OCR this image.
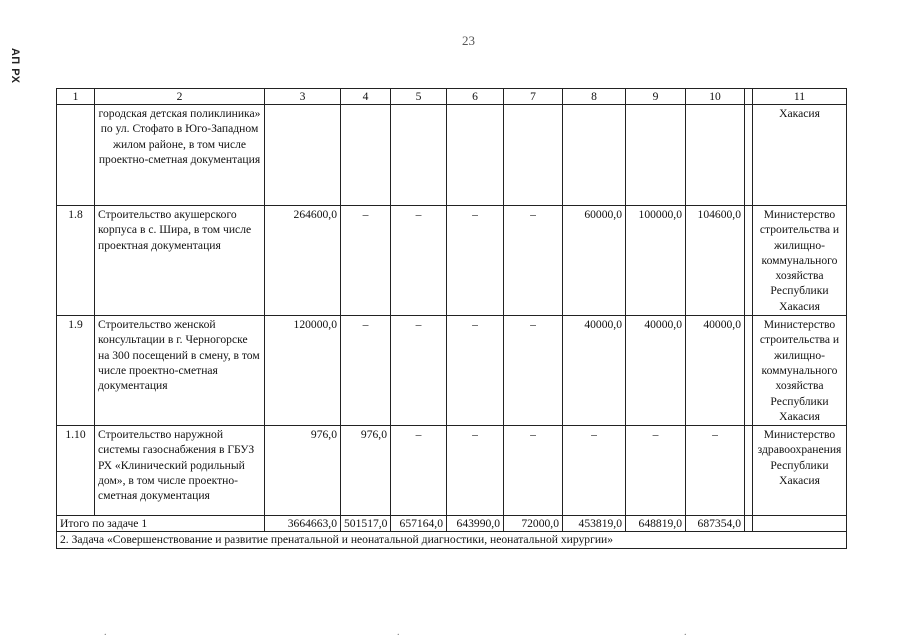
23
АП РХ
1	2	3	4	5	6	7	8	9	10		11
	городская детская поликлиника» по ул. Стофато в Юго-Западном жилом районе, в том числе проектно-сметная документация										Хакасия
1.8	Строительство акушерского корпуса в с. Шира, в том числе проектная документация	264600,0	–	–	–	–	60000,0	100000,0	104600,0		Министерство строительства и жилищно-коммунального хозяйства Республики Хакасия
1.9	Строительство женской консультации в г. Черногорске на 300 посещений в смену, в том числе проектно-сметная документация	120000,0	–	–	–	–	40000,0	40000,0	40000,0		Министерство строительства и жилищно-коммунального хозяйства Республики Хакасия
1.10	Строительство наружной системы газоснабжения в ГБУЗ РХ «Клинический родильный дом», в том числе проектно-сметная документация	976,0	976,0	–	–	–	–	–	–		Министерство здравоохранения Республики Хакасия
Итого по задаче 1		3664663,0	501517,0	657164,0	643990,0	72000,0	453819,0	648819,0	687354,0		
2. Задача «Совершенствование и развитие пренатальной и неонатальной диагностики, неонатальной хирургии»											
.	.	.
